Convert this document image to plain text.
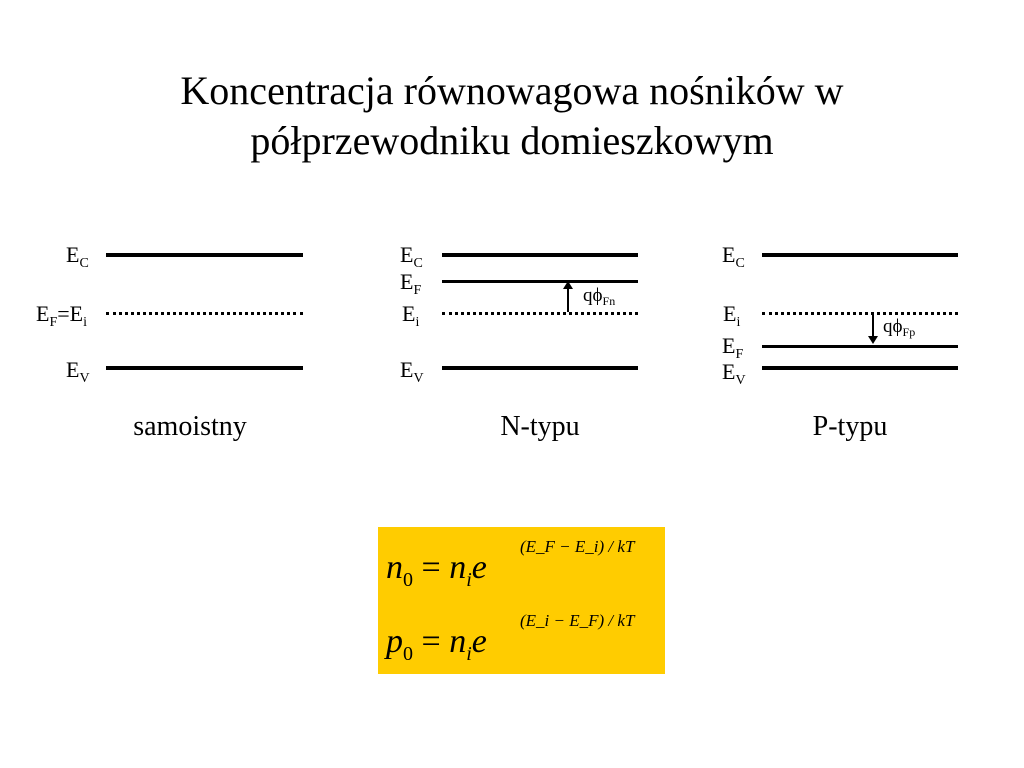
Koncentracja równowagowa nośników w
półprzewodniku domieszkowym
$E_C$
$E_F=E_i$
$E_V$
samoistny
$E_C$
$E_F$
$E_i$
$E_V$
$q\phi_{Fn}$
N-typu
$E_C$
$E_i$
$E_F$
$E_V$
$q\phi_{Fp}$
P-typu
$n_0 = n_ie$
(E_F − E_i) / kT
$p_0 = n_ie$
(E_i − E_F) / kT
